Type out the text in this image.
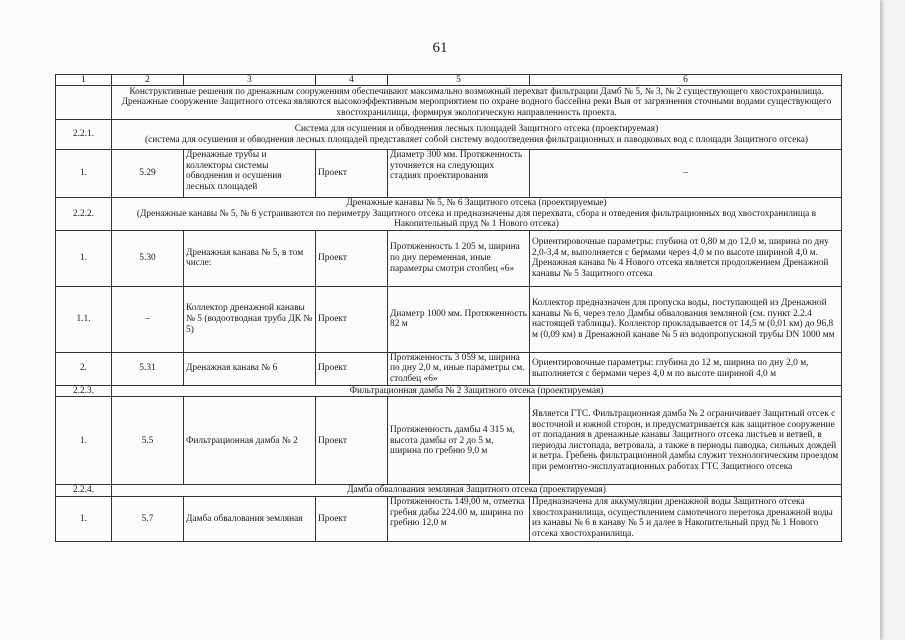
61
1	2	3	4	5	6
	Конструктивные решения по дренажным сооружениям обеспечивают максимально возможный перехват фильтрации Дамб № 5, № 3, № 2 существующего хвостохранилища. Дренажные сооружение Защитного отсека являются высокоэффективным мероприятием по охране водного бассейна реки Выя от загрязнения сточными водами существующего хвостохранилища, формируя экологическую направленность проекта.				
2.2.1.	Система для осушения и обводнения лесных площадей Защитного отсека (проектируемая)
(система для осушения и обводнения лесных площадей представляет собой систему водоотведения фильтрационных и паводковых вод с площади Защитного отсека)				

1.	5.29	Дренажные трубы и коллекторы системы обводнения и осушения лесных площадей	Проект	Диаметр 300 мм. Протяженность уточняется на следующих стадиях проектирования	–
2.2.2.	Дренажные канавы № 5, № 6 Защитного отсека (проектируемые)
(Дренажные канавы № 5, № 6 устраиваются по периметру Защитного отсека и предназначены для перехвата, сбора и отведения фильтрационных вод хвостохранилища в Накопительный пруд № 1 Нового отсека)				

1.	5.30	Дренажная канава № 5, в том числе:	Проект	Протяженность 1 205 м, ширина по дну переменная, иные параметры смотри столбец «6»	Ориентировочные параметры: глубина от 0,80 м до 12,0 м, ширина по дну 2,0-3,4 м, выполняется с бермами через 4,0 м по высоте шириной 4,0 м. Дренажная канава № 4 Нового отсека является продолжением Дренажной канавы № 5 Защитного отсека
1.1.	–	Коллектор дренажной канавы № 5 (водоотводная труба ДК № 5)	Проект	Диаметр 1000 мм. Протяженность 82 м	Коллектор предназначен для пропуска воды, поступающей из Дренажной канавы № 6, через тело Дамбы обвалования земляной (см. пункт 2.2.4 настоящей таблицы). Коллектор прокладывается от 14,5 м (0,01 км) до 96,8 м (0,09 км) в Дренажной канаве № 5 из водопропускной трубы DN 1000 мм
2.	5.31	Дренажная канава № 6	Проект	Протяженность 3 059 м, ширина по дну 2,0 м, иные параметры см. столбец «6»	Ориентировочные параметры: глубина до 12 м, ширина по дну 2,0 м, выполняется с бермами через 4,0 м по высоте шириной 4,0 м
2.2.3.	Фильтрационная дамба № 2 Защитного отсека (проектируемая)				
1.	5.5	Фильтрационная дамба № 2	Проект	Протяженность дамбы 4 315 м, высота дамбы от 2 до 5 м, ширина по гребню 9,0 м	Является ГТС. Фильтрационная дамба № 2 ограничивает Защитный отсек с восточной и южной сторон, и предусматривается как защитное сооружение от попадания в дренажные канавы Защитного отсека листьев и ветвей, в периоды листопада, ветровала, а также в периоды паводка, сильных дождей и ветра. Гребень фильтрационной дамбы служит технологическим проездом при ремонтно-эксплуатационных работах ГТС Защитного отсека
2.2.4.	Дамба обвалования земляная Защитного отсека (проектируемая)				
1.	5.7	Дамба обвалования земляная	Проект	Протяженность 149,00 м, отметка гребня дабы 224.00 м, ширина по гребню 12,0 м	Предназначена для аккумуляции дренажной воды Защитного отсека хвостохранилища, осуществлением самотечного перетока дренажной воды из канавы № 6 в канаву № 5 и далее в Накопительный пруд № 1 Нового отсека хвостохранилища.
